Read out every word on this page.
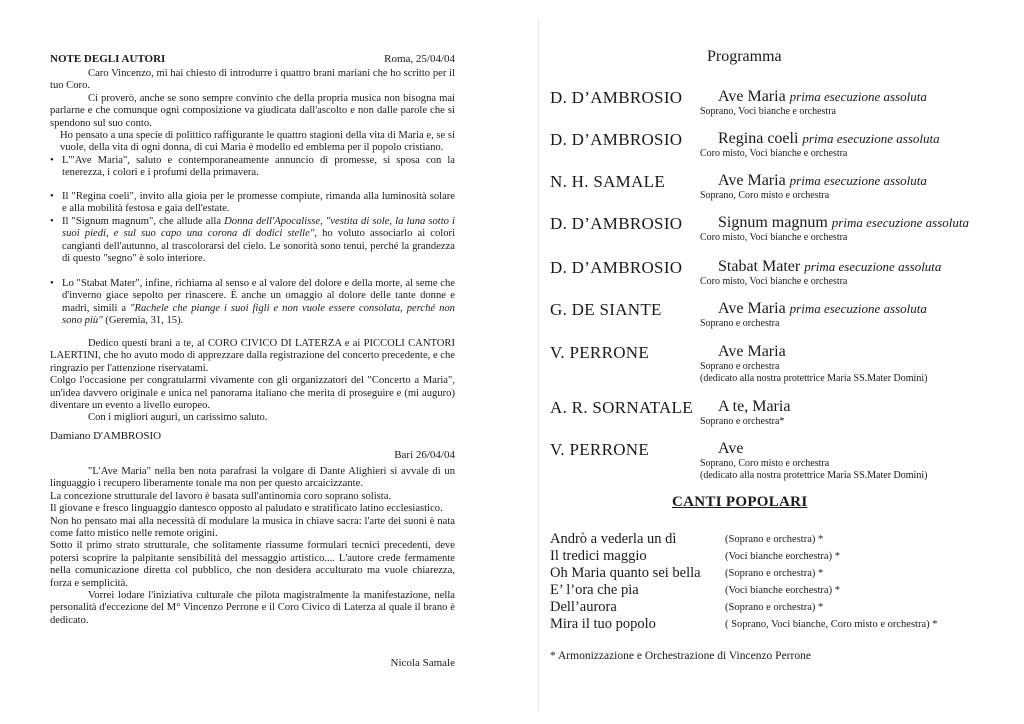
NOTE DEGLI AUTORI	Roma, 25/04/04

Caro Vincenzo, mi hai chiesto di introdurre i quattro brani mariani che ho scritto per il tuo Coro.

Ci proverò, anche se sono sempre convinto che della propria musica non bisogna mai parlarne e che comunque ogni composizione va giudicata dall'ascolto e non dalle parole che si spendono sul suo conto.

Ho pensato a una specie di polittico raffigurante le quattro stagioni della vita di Maria e, se si vuole, della vita di ogni donna, di cui Maria è modello ed emblema per il popolo cristiano.

• L'"Ave Maria", saluto e contemporaneamente annuncio di promesse, si sposa con la tenerezza, i colori e i profumi della primavera.
• Il "Regina coeli", invito alla gioia per le promesse compiute, rimanda alla luminosità solare e alla mobilità festosa e gaia dell'estate.
• Il "Signum magnum", che allude alla Donna dell'Apocalisse, "vestita di sole, la luna sotto i suoi piedi, e sul suo capo una corona di dodici stelle", ho voluto associarlo ai colori cangianti dell'autunno, al trascolorarsi del cielo. Le sonorità sono tenui, perché la grandezza di questo "segno" è solo interiore.
• Lo "Stabat Mater", infine, richiama al senso e al valore del dolore e della morte, al seme che d'inverno giace sepolto per rinascere. È anche un omaggio al dolore delle tante donne e madri, simili a "Rachele che piange i suoi figli e non vuole essere consolata, perché non sono più" (Geremia, 31, 15).

Dedico questi brani a te, al CORO CIVICO DI LATERZA e ai PICCOLI CANTORI LAERTINI, che ho avuto modo di apprezzare dalla registrazione del concerto precedente, e che ringrazio per l'attenzione riservatami.

Colgo l'occasione per congratularmi vivamente con gli organizzatori del "Concerto a Maria", un'idea davvero originale e unica nel panorama italiano che merita di proseguire e (mi auguro) diventare un evento a livello europeo.

Con i migliori auguri, un carissimo saluto.

Damiano D'AMBROSIO
Bari 26/04/04

"L'Ave Maria" nella ben nota parafrasi la volgare di Dante Alighieri si avvale di un linguaggio i recupero liberamente tonale ma non per questo arcaicizzante.

La concezione strutturale del lavoro è basata sull'antinomia coro soprano solista.

Il giovane e fresco linguaggio dantesco opposto al paludato e stratificato latino ecclesiastico.

Non ho pensato mai alla necessità di modulare la musica in chiave sacra: l'arte dei suoni è nata come fatto mistico nelle remote origini.

Sotto il primo strato strutturale, che solitamente riassume formulari tecnici precedenti, deve potersi scoprire la palpitante sensibilità del messaggio artistico.... L'autore crede fermamente nella comunicazione diretta col pubblico, che non desidera acculturato ma vuole chiarezza, forza e semplicità.

Vorrei lodare l'iniziativa culturale che pilota magistralmente la manifestazione, nella personalità d'eccezione del M° Vincenzo Perrone e il Coro Civico di Laterza al quale il brano è dedicato.

Nicola Samale
Programma
D. D’AMBROSIO Ave Maria prima esecuzione assoluta
Soprano, Voci bianche e orchestra
D. D’AMBROSIO Regina coeli prima esecuzione assoluta
Coro misto, Voci bianche e orchestra
N. H. SAMALE	Ave Maria prima esecuzione assoluta
Soprano, Coro misto e orchestra
D. D’AMBROSIO Signum magnum prima esecuzione assoluta
Coro misto, Voci bianche e orchestra
D. D’AMBROSIO Stabat Mater prima esecuzione assoluta
Coro misto, Voci bianche e orchestra
G. DE SIANTE	Ave Maria prima esecuzione assoluta
Soprano e orchestra
V. PERRONE	Ave Maria
Soprano e orchestra
(dedicato alla nostra protettrice Maria SS.Mater Domini)
A. R. SORNATALE A te, Maria
Soprano e orchestra*
V. PERRONE	Ave
Soprano, Coro misto e orchestra
(dedicato alla nostra protettrice Maria SS.Mater Domini)
CANTI POPOLARI
Andrò a vederla un dì	(Soprano e orchestra) *
Il tredici maggio	(Voci bianche eorchestra) *
Oh Maria quanto sei bella (Soprano e orchestra) *
E’ l’ora che pia	(Voci bianche eorchestra) *
Dell’aurora	(Soprano e orchestra) *
Mira il tuo popolo	( Soprano, Voci bianche, Coro misto e orchestra) *
* Armonizzazione e Orchestrazione di Vincenzo Perrone
